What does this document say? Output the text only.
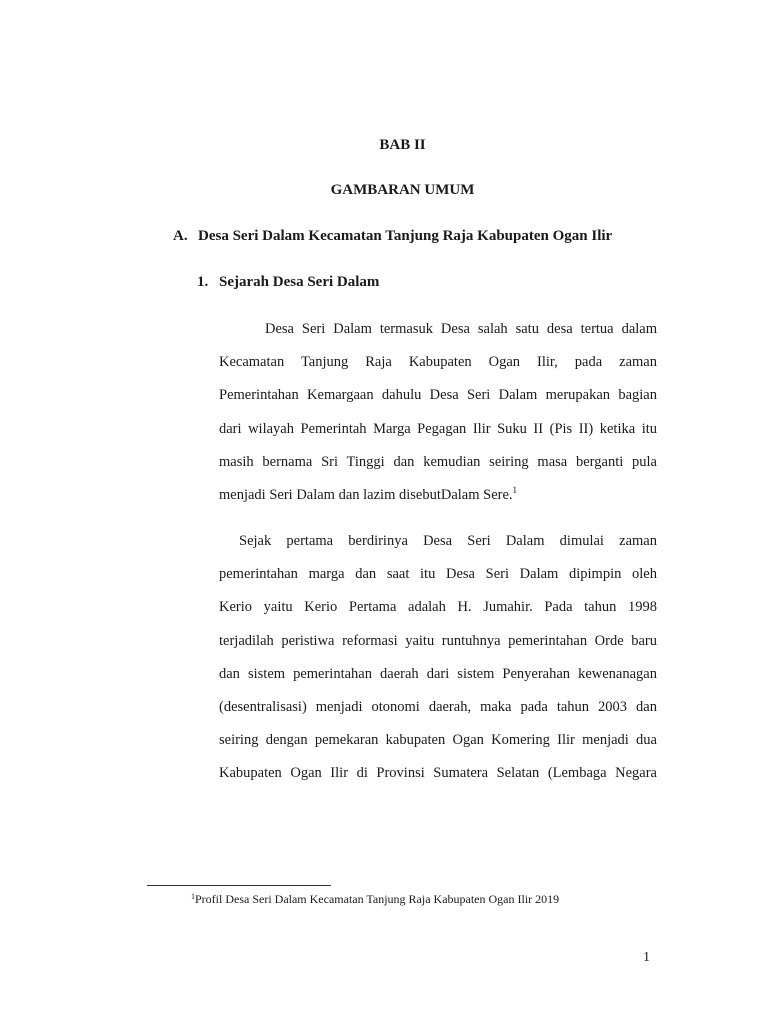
BAB II
GAMBARAN UMUM
A. Desa Seri Dalam Kecamatan Tanjung Raja Kabupaten Ogan Ilir
1. Sejarah Desa Seri Dalam
Desa Seri Dalam termasuk Desa salah satu desa tertua dalam
Kecamatan Tanjung Raja Kabupaten Ogan Ilir, pada zaman
Pemerintahan Kemargaan dahulu Desa Seri Dalam merupakan bagian
dari wilayah Pemerintah Marga Pegagan Ilir Suku II (Pis II) ketika itu
masih bernama Sri Tinggi dan kemudian seiring masa berganti pula
menjadi Seri Dalam dan lazim disebutDalam Sere.$^1$
Sejak pertama berdirinya Desa Seri Dalam dimulai zaman
pemerintahan marga dan saat itu Desa Seri Dalam dipimpin oleh
Kerio yaitu Kerio Pertama adalah H. Jumahir. Pada tahun 1998
terjadilah peristiwa reformasi yaitu runtuhnya pemerintahan Orde baru
dan sistem pemerintahan daerah dari sistem Penyerahan kewenanagan
(desentralisasi) menjadi otonomi daerah, maka pada tahun 2003 dan
seiring dengan pemekaran kabupaten Ogan Komering Ilir menjadi dua
Kabupaten Ogan Ilir di Provinsi Sumatera Selatan (Lembaga Negara
$^1$Profil Desa Seri Dalam Kecamatan Tanjung Raja Kabupaten Ogan Ilir 2019
1
